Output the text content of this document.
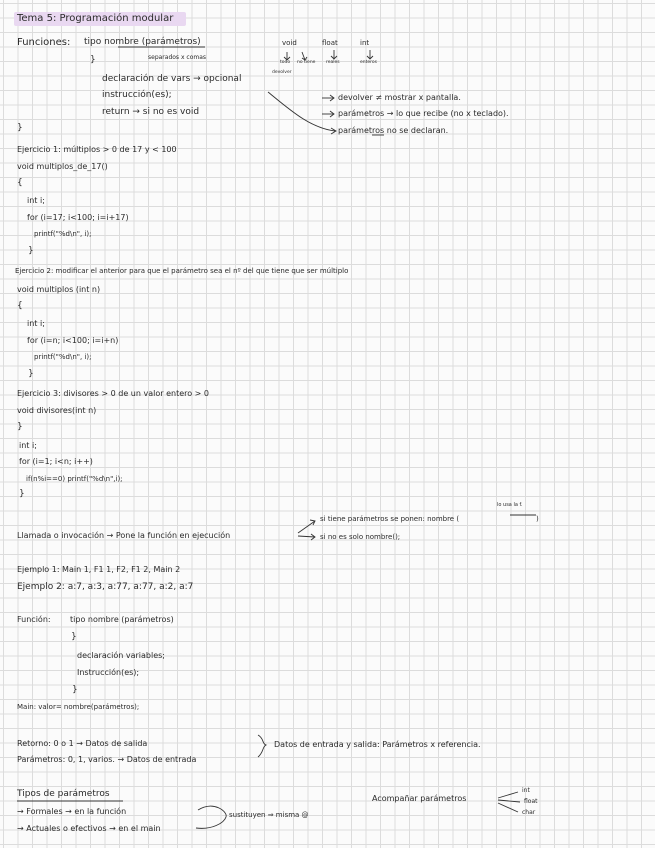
Tema 5: Programación modular
Funciones: tipo nombre (parámetros)
}	separados x comas
declaración de vars → opcional
instrucción(es);
return → si no es void
}
void	float	int
todo no tiene reales	enteros
devolver
devolver ≠ mostrar x pantalla.
parámetros → lo que recibe (no x teclado).
parámetros no se declaran.
Ejercicio 1: múltiplos > 0 de 17 y < 100
void multiplos_de_17()
{
int i;
for (i=17; i<100; i=i+17)
printf("%d\n", i);
}
Ejercicio 2: modificar el anterior para que el parámetro sea el nº del que tiene que ser múltiplo
void multiplos (int n)
{
int i;
for (i=n; i<100; i=i+n)
printf("%d\n", i);
}
Ejercicio 3: divisores > 0 de un valor entero > 0
void divisores(int n)
}
int i;
for (i=1; i<n; i++)
if(n%i==0) printf("%d\n",i);
}
Llamada o invocación → Pone la función en ejecución
si tiene parámetros se ponen: nombre (	)
lo usa la f.
si no es solo nombre();
Ejemplo 1: Main 1, F1 1, F2, F1 2, Main 2
Ejemplo 2: a:7, a:3, a:77, a:77, a:2, a:7
Función: tipo nombre (parámetros)
}
declaración variables;
Instrucción(es);
}
Main: valor= nombre(parámetros);
Retorno: 0 o 1 → Datos de salida
Parámetros: 0, 1, varios. → Datos de entrada
Datos de entrada y salida: Parámetros x referencia.
Tipos de parámetros
→ Formales → en la función
→ Actuales o efectivos → en el main
sustituyen ⇒ misma @
Acompañar parámetros
int
float
char
